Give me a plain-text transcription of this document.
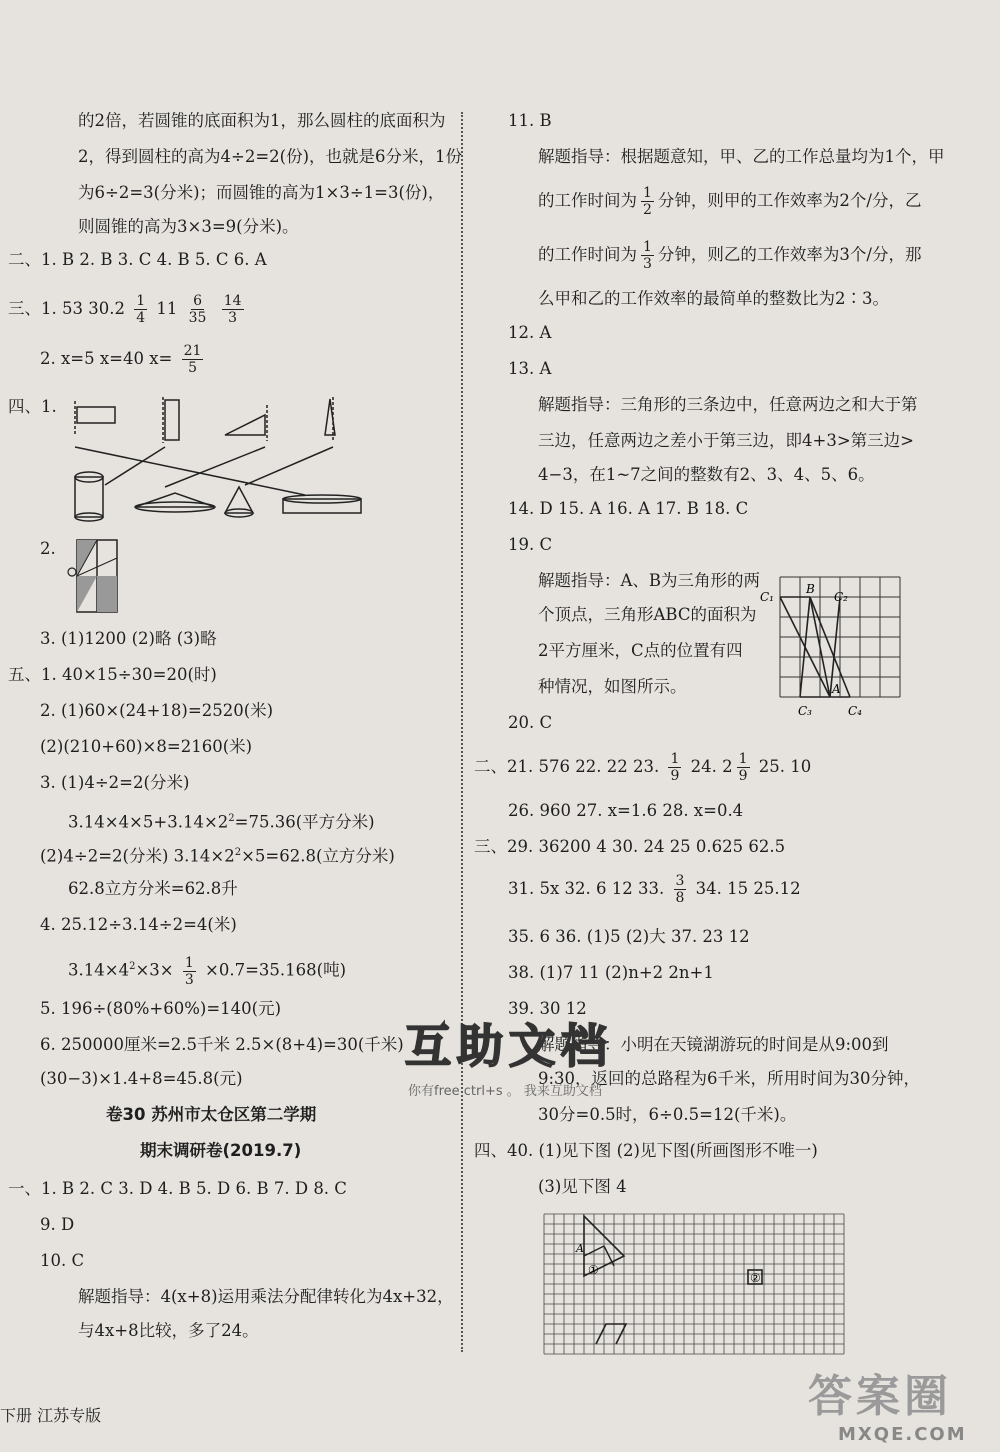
的2倍，若圆锥的底面积为1，那么圆柱的底面积为
2，得到圆柱的高为4÷2=2(份)，也就是6分米，1份
为6÷2=3(分米)；而圆锥的高为1×3÷1=3(份)，
则圆锥的高为3×3=9(分米)。
二、1. B 2. B 3. C 4. B 5. C 6. A
三、1. 53 $30.2 \frac{1}{4} 11 \frac{6}{35}$
$\frac{14}{3}$
2. x=5 x=40 $x= \frac{21}{5}$
四、1.
2.
3. (1)1200 (2)略 (3)略
五、1. 40×15÷30=20(时)
2. (1)60×(24+18)=2520(米)
(2)(210+60)×8=2160(米)
3. (1)4÷2=2(分米)
$3.14\times 4\times 5+3.14\times 2^2=75.36$(平方分米)
(2)4÷2=2(分米) $3.14\times 2^2\times 5=62.8$(立方分米)
62.8立方分米=62.8升
4. 25.12÷3.14÷2=4(米)
$3.14\times 4^2\times 3\times \frac{1}{3} \times 0.7=35.168$(吨)
5. 196÷(80%+60%)=140(元)
6. 250000厘米=2.5千米 2.5×(8+4)=30(千米)
(30−3)×1.4+8=45.8(元)
卷30 苏州市太仓区第二学期
期末调研卷(2019.7)
一、1. B 2. C 3. D 4. B 5. D 6. B 7. D 8. C
9. D
10. C
解题指导：4(x+8)运用乘法分配律转化为4x+32，
与4x+8比较，多了24。
11. B
解题指导：根据题意知，甲、乙的工作总量均为1个，甲
的工作时间为 $\frac{1}{2}$ 分钟，则甲的工作效率为2个/分，乙
的工作时间为 $\frac{1}{3}$ 分钟，则乙的工作效率为3个/分，那
么甲和乙的工作效率的最简单的整数比为2∶3。
12. A
13. A
解题指导：三角形的三条边中，任意两边之和大于第
三边，任意两边之差小于第三边，即4+3>第三边>
4−3，在1~7之间的整数有2、3、4、5、6。
14. D 15. A 16. A 17. B 18. C
19. C
解题指导：A、B为三角形的两
个顶点，三角形ABC的面积为
2平方厘米，C点的位置有四
种情况，如图所示。
B
C₁	C₂
A
C₃	C₄
20. C
二、21. 576 22. 22 23. $\frac{1}{9} 24$. $2 \frac{1}{9} 25$. 10
26. 960 27. x=1.6 28. x=0.4
三、29. 36200 4 30. 24 25 0.625 62.5
31. 5x 32. 6 12 33. $\frac{3}{8} 34$. 15 25.12
35. 6 36. (1)5 (2)大 37. 23 12
38. (1)7 11 (2)n+2 2n+1
39. 30 12
解题指导：小明在天镜湖游玩的时间是从9:00到
9:30，返回的总路程为6千米，所用时间为30分钟，
30分=0.5时，6÷0.5=12(千米)。
四、40. (1)见下图 (2)见下图(所画图形不唯一)
(3)见下图 4
A
①
②
互助文档
你有free ctrl+s 。 我来互助文档
下册 江苏专版	答案圈
MXQE.COM
